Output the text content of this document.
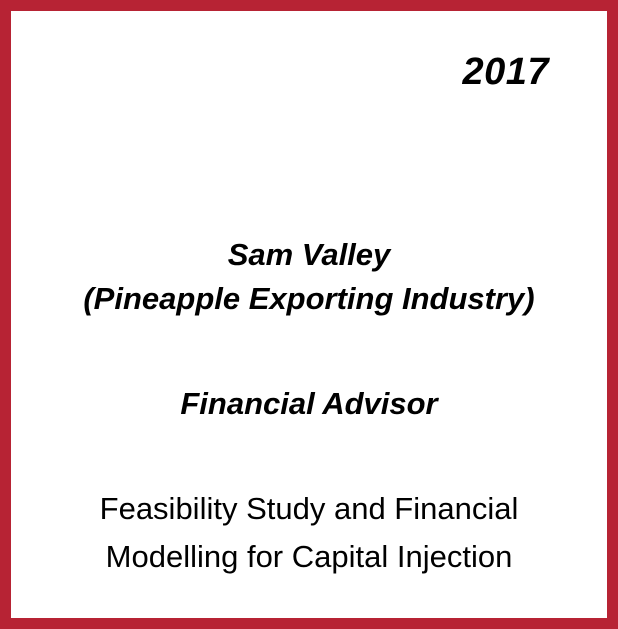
2017
Sam Valley
(Pineapple Exporting Industry)
Financial Advisor
Feasibility Study and Financial
Modelling for Capital Injection
